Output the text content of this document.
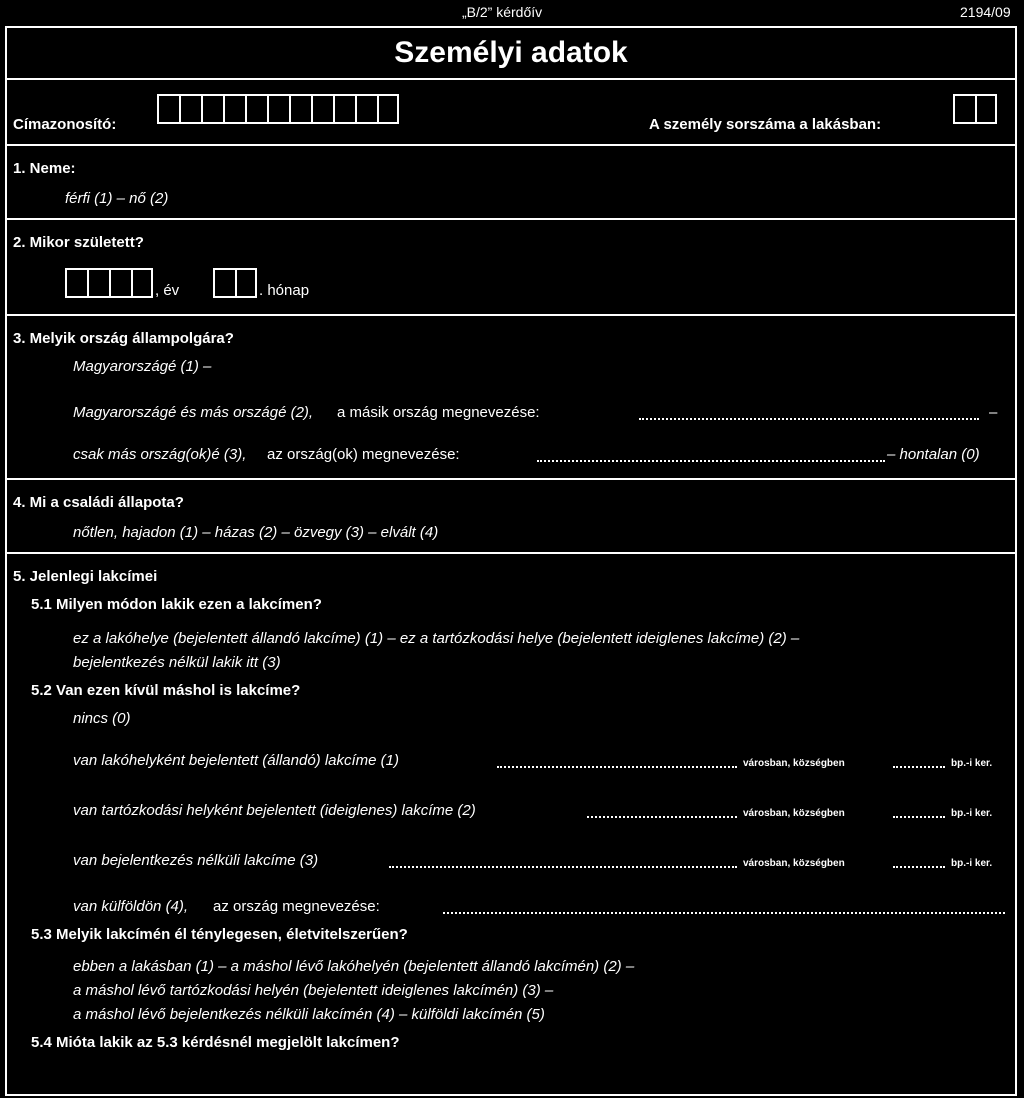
„B/2” kérdőív	2194/09
Személyi adatok
Címazonosító:	A személy sorszáma a lakásban:
1. Neme:
férfi (1) – nő (2)
2. Mikor született?
, év	. hónap
3. Melyik ország állampolgára?
Magyarországé (1) –
Magyarországé és más országé (2), a másik ország megnevezése:	–
csak más ország(ok)é (3), az ország(ok) megnevezése:	– hontalan (0)
4. Mi a családi állapota?
nőtlen, hajadon (1) – házas (2) – özvegy (3) – elvált (4)
5. Jelenlegi lakcímei
5.1 Milyen módon lakik ezen a lakcímen?
ez a lakóhelye (bejelentett állandó lakcíme) (1) – ez a tartózkodási helye (bejelentett ideiglenes lakcíme) (2) –
bejelentkezés nélkül lakik itt (3)
5.2 Van ezen kívül máshol is lakcíme?
nincs (0)
van lakóhelyként bejelentett (állandó) lakcíme (1)	városban, községben	bp.-i ker.
van tartózkodási helyként bejelentett (ideiglenes) lakcíme (2)	városban, községben	bp.-i ker.
van bejelentkezés nélküli lakcíme (3)	városban, községben	bp.-i ker.
van külföldön (4), az ország megnevezése:
5.3 Melyik lakcímén él ténylegesen, életvitelszerűen?
ebben a lakásban (1) – a máshol lévő lakóhelyén (bejelentett állandó lakcímén) (2) –
a máshol lévő tartózkodási helyén (bejelentett ideiglenes lakcímén) (3) –
a máshol lévő bejelentkezés nélküli lakcímén (4) – külföldi lakcímén (5)
5.4 Mióta lakik az 5.3 kérdésnél megjelölt lakcímen?
